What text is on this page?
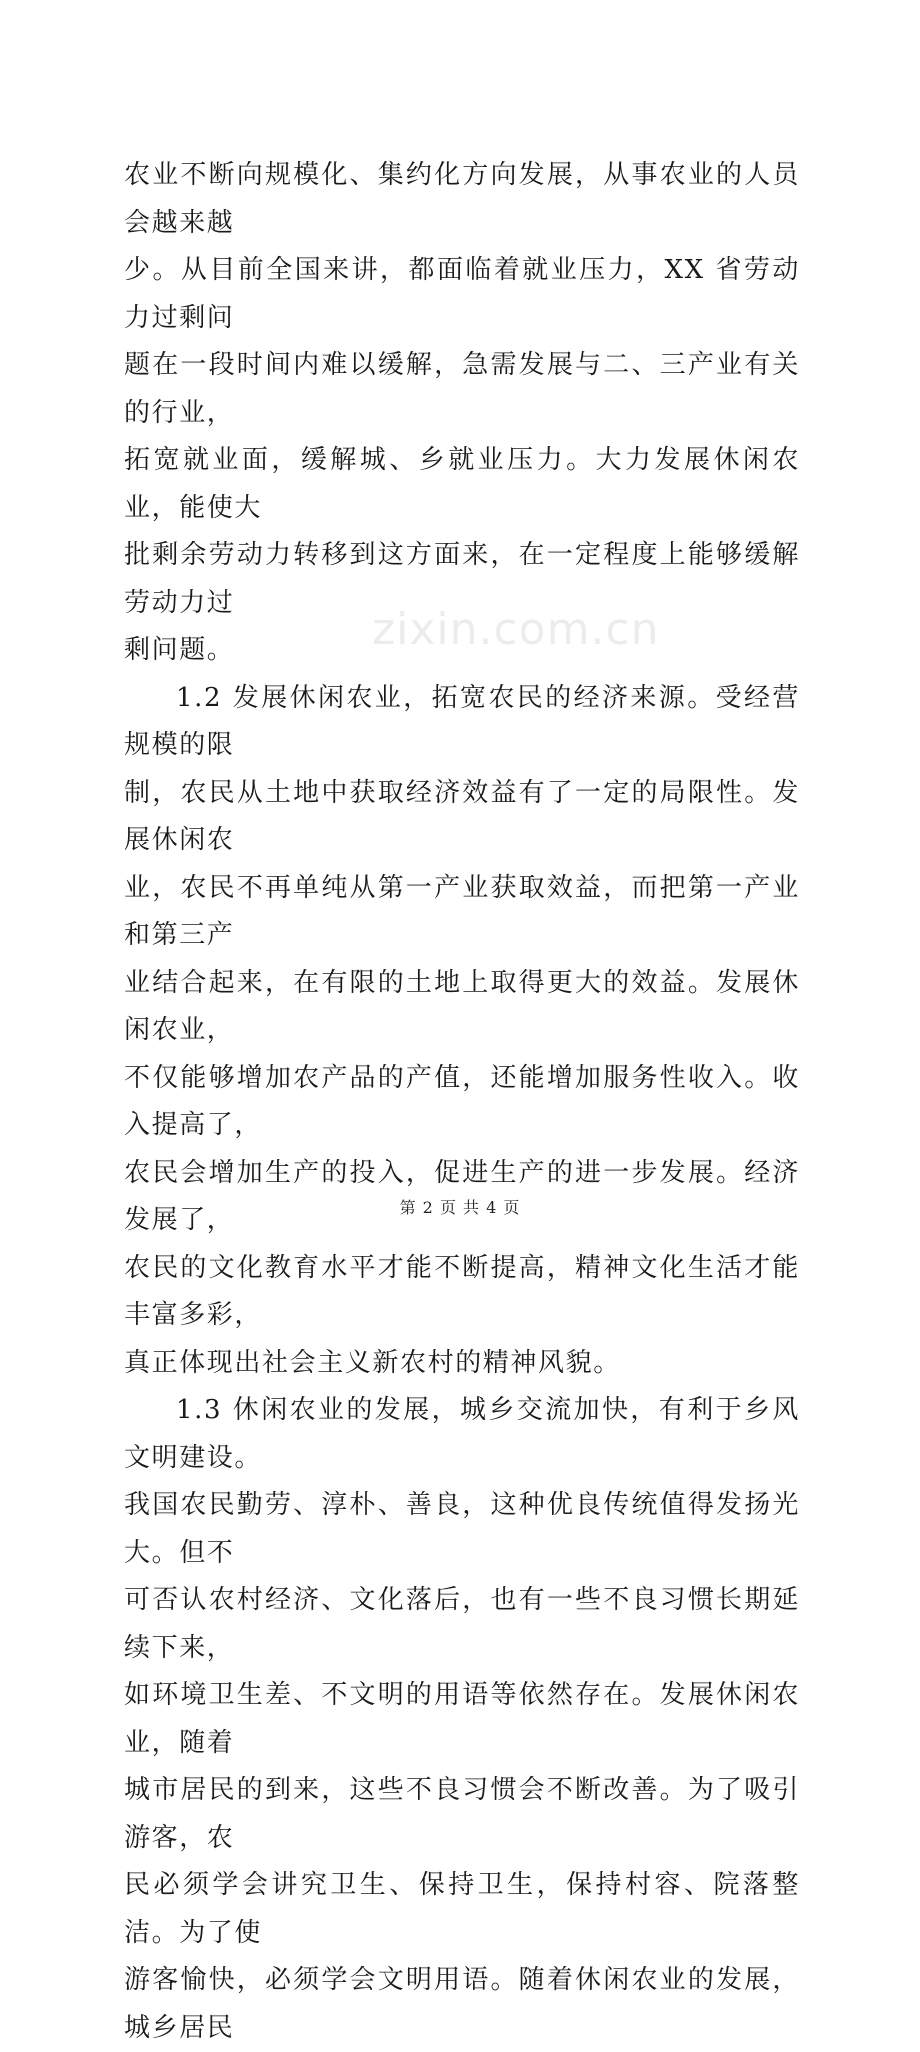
农业不断向规模化、集约化方向发展，从事农业的人员会越来越
少。从目前全国来讲，都面临着就业压力，XX 省劳动力过剩问
题在一段时间内难以缓解，急需发展与二、三产业有关的行业，
拓宽就业面，缓解城、乡就业压力。大力发展休闲农业，能使大
批剩余劳动力转移到这方面来，在一定程度上能够缓解劳动力过
剩问题。

1.2 发展休闲农业，拓宽农民的经济来源。受经营规模的限
制，农民从土地中获取经济效益有了一定的局限性。发展休闲农
业，农民不再单纯从第一产业获取效益，而把第一产业和第三产
业结合起来，在有限的土地上取得更大的效益。发展休闲农业，
不仅能够增加农产品的产值，还能增加服务性收入。收入提高了，
农民会增加生产的投入，促进生产的进一步发展。经济发展了，
农民的文化教育水平才能不断提高，精神文化生活才能丰富多彩，
真正体现出社会主义新农村的精神风貌。

1.3 休闲农业的发展，城乡交流加快，有利于乡风文明建设。
我国农民勤劳、淳朴、善良，这种优良传统值得发扬光大。但不
可否认农村经济、文化落后，也有一些不良习惯长期延续下来，
如环境卫生差、不文明的用语等依然存在。发展休闲农业，随着
城市居民的到来，这些不良习惯会不断改善。为了吸引游客，农
民必须学会讲究卫生、保持卫生，保持村容、院落整洁。为了使
游客愉快，必须学会文明用语。随着休闲农业的发展，城乡居民

zixin.com.cn
第 2 页 共 4 页
